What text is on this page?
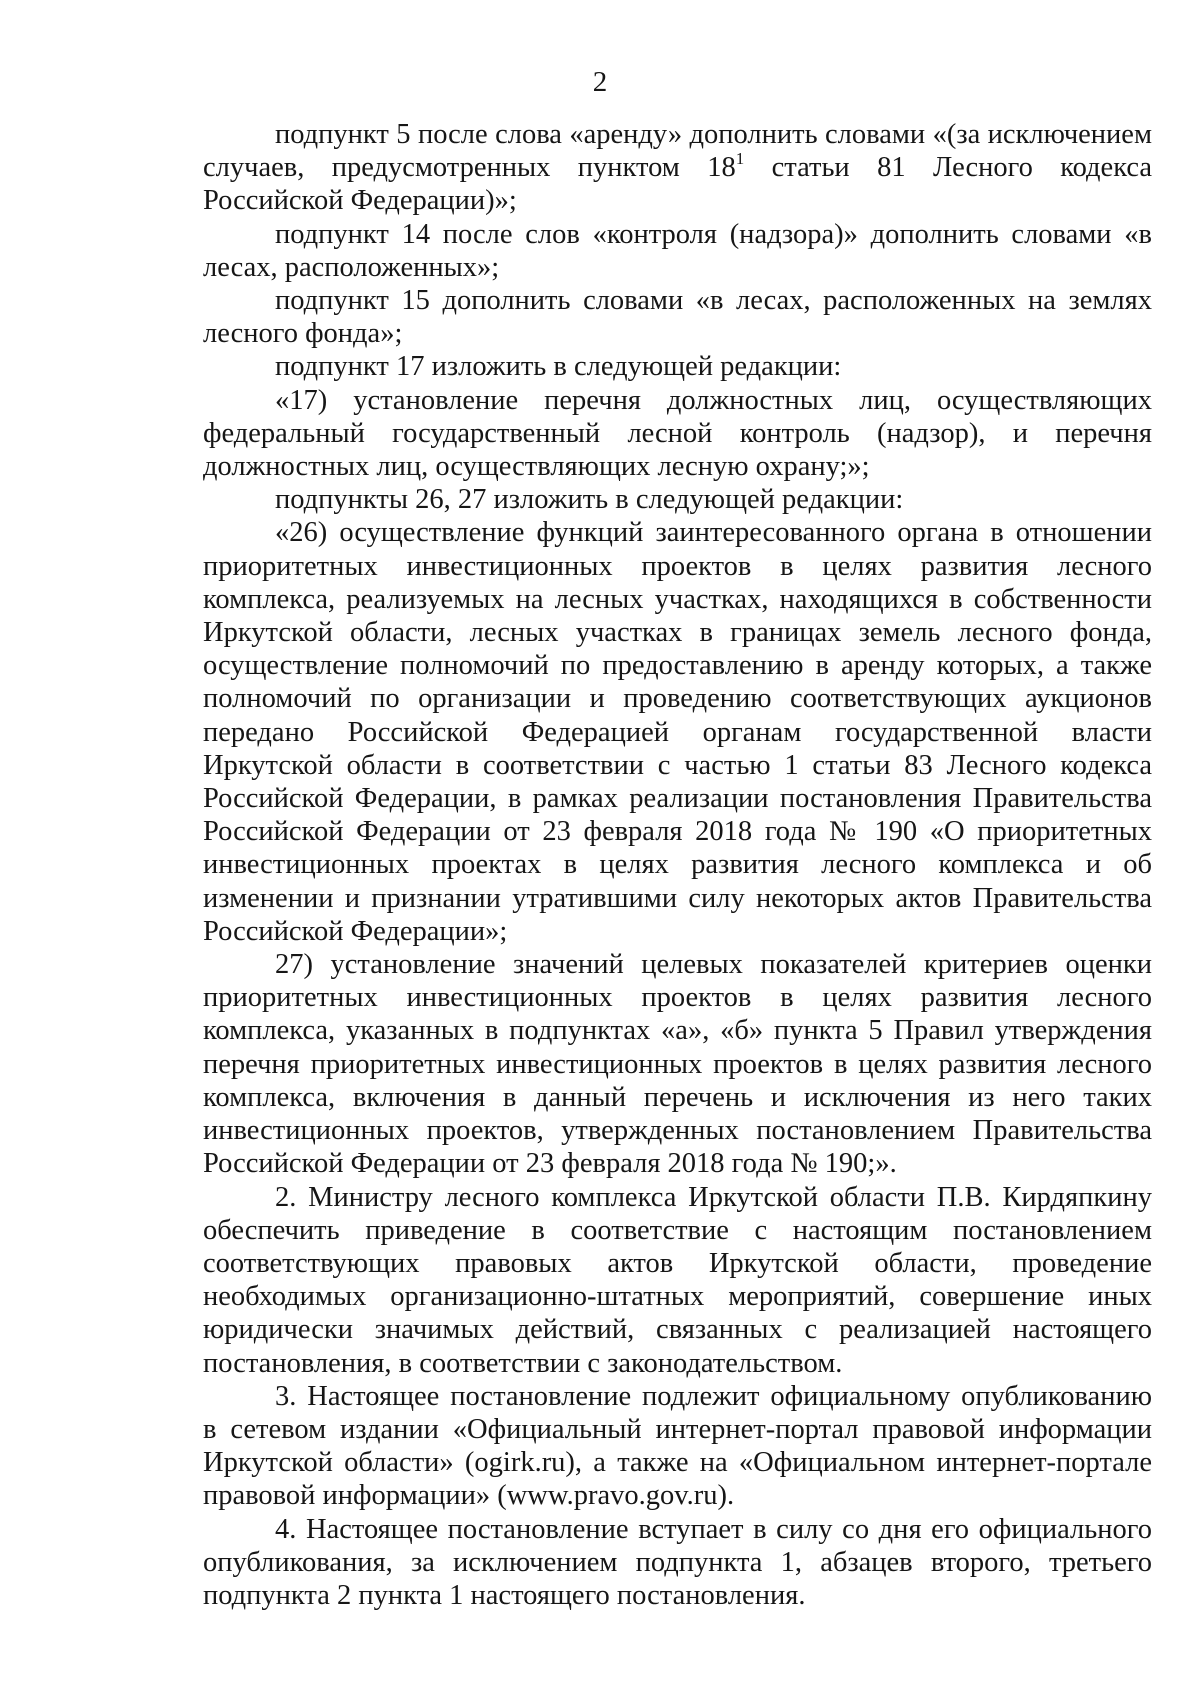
2

подпункт 5 после слова «аренду» дополнить словами «(за исключением случаев, предусмотренных пунктом $18^1$ статьи 81 Лесного кодекса Российской Федерации)»;

подпункт 14 после слов «контроля (надзора)» дополнить словами «в лесах, расположенных»;

подпункт 15 дополнить словами «в лесах, расположенных на землях лесного фонда»;

подпункт 17 изложить в следующей редакции:

«17) установление перечня должностных лиц, осуществляющих федеральный государственный лесной контроль (надзор), и перечня должностных лиц, осуществляющих лесную охрану;»;

подпункты 26, 27 изложить в следующей редакции:

«26) осуществление функций заинтересованного органа в отношении приоритетных инвестиционных проектов в целях развития лесного комплекса, реализуемых на лесных участках, находящихся в собственности Иркутской области, лесных участках в границах земель лесного фонда, осуществление полномочий по предоставлению в аренду которых, а также полномочий по организации и проведению соответствующих аукционов передано Российской Федерацией органам государственной власти Иркутской области в соответствии с частью 1 статьи 83 Лесного кодекса Российской Федерации, в рамках реализации постановления Правительства Российской Федерации от 23 февраля 2018 года № 190 «О приоритетных инвестиционных проектах в целях развития лесного комплекса и об изменении и признании утратившими силу некоторых актов Правительства Российской Федерации»;

27) установление значений целевых показателей критериев оценки приоритетных инвестиционных проектов в целях развития лесного комплекса, указанных в подпунктах «а», «б» пункта 5 Правил утверждения перечня приоритетных инвестиционных проектов в целях развития лесного комплекса, включения в данный перечень и исключения из него таких инвестиционных проектов, утвержденных постановлением Правительства Российской Федерации от 23 февраля 2018 года № 190;».

2. Министру лесного комплекса Иркутской области П.В. Кирдяпкину обеспечить приведение в соответствие с настоящим постановлением соответствующих правовых актов Иркутской области, проведение необходимых организационно-штатных мероприятий, совершение иных юридически значимых действий, связанных с реализацией настоящего постановления, в соответствии с законодательством.

3. Настоящее постановление подлежит официальному опубликованию в сетевом издании «Официальный интернет-портал правовой информации Иркутской области» (ogirk.ru), а также на «Официальном интернет-портале правовой информации» (www.pravo.gov.ru).

4. Настоящее постановление вступает в силу со дня его официального опубликования, за исключением подпункта 1, абзацев второго, третьего подпункта 2 пункта 1 настоящего постановления.
